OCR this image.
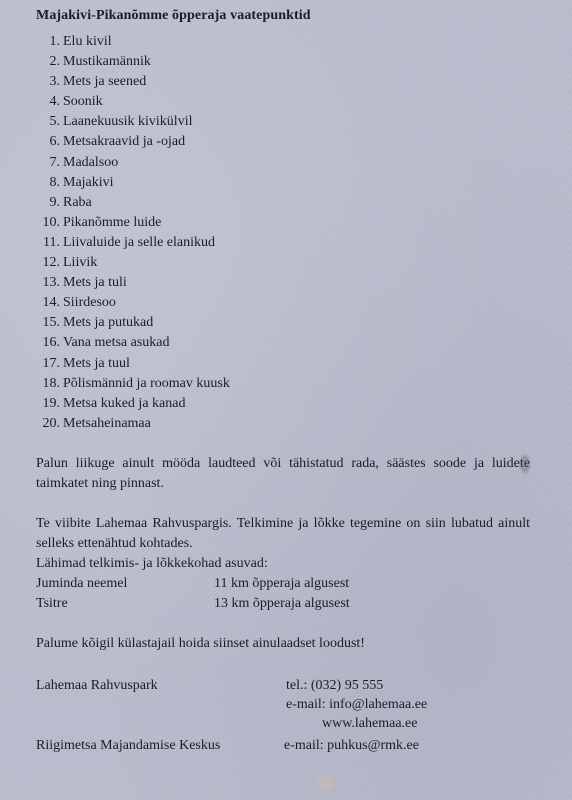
Majakivi-Pikanõmme õpperaja vaatepunktid
1. Elu kivil
2. Mustikamännik
3. Mets ja seened
4. Soonik
5. Laanekuusik kivikülvil
6. Metsakraavid ja -ojad
7. Madalsoo
8. Majakivi
9. Raba
10. Pikanõmme luide
11. Liivaluide ja selle elanikud
12. Liivik
13. Mets ja tuli
14. Siirdesoo
15. Mets ja putukad
16. Vana metsa asukad
17. Mets ja tuul
18. Põlismännid ja roomav kuusk
19. Metsa kuked ja kanad
20. Metsaheinamaa
Palun liikuge ainult mööda laudteed või tähistatud rada, säästes soode ja luidete taimkatet ning pinnast.
Te viibite Lahemaa Rahvuspargis. Telkimine ja lõkke tegemine on siin lubatud ainult selleks ettenähtud kohtades.
Lähimad telkimis- ja lõkkekohad asuvad:
Juminda neemel	11 km õpperaja algusest
Tsitre	13 km õpperaja algusest
Palume kõigil külastajail hoida siinset ainulaadset loodust!
Lahemaa Rahvuspark	tel.: (032) 95 555
e-mail: info@lahemaa.ee
www.lahemaa.ee
Riigimetsa Majandamise Keskus	e-mail: puhkus@rmk.ee
